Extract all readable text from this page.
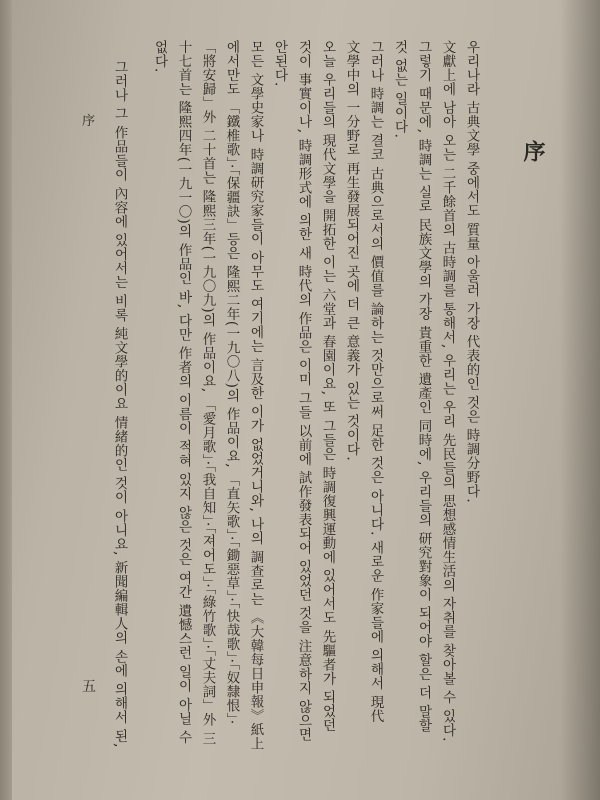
序
序
五
우리나라 古典文學 중에서도 質量 아울러 가장 代表的인 것은 時調分野다.
文獻上에 남아 오는 二千餘首의 古時調를 통해서, 우리는 우리 先民들의 思想感情生活의 자취를 찾아볼 수 있다.
그렇기 때문에, 時調는 실로 民族文學의 가장 貴重한 遺產인 同時에, 우리들의 研究對象이 되어야 할은 더 말할
것 없는 일이다.
그러나 時調는 결코 古典으로서의 價值를 論하는 것만으로써 足한 것은 아니다. 새로운 作家들에 의해서 現代
文學中의 一分野로 再生發展되어진 곳에 더 큰 意義가 있는 것이다.
오늘 우리들의 現代文學을 開拓한 이는 六堂과 春園이요, 또 그들은 時調復興運動에 있어서도 先驅者가 되었던
것이 事實이나, 時調形式에 의한 새 時代의 作品은 이미 그들 以前에 試作發表되어 있었던 것을 注意하지 않으면
안된다.
모든 文學史家나 時調研究家들이 아무도 여기에는 言及한 이가 없었거니와, 나의 調查로는 《大韓每日申報》紙上
에서만도 「鐵椎歌」·「保疆訣」등은 隆熙二年(一九〇八)의 作品이요, 「直矢歌」·「鋤惡草」·「快哉歌」·「奴隸恨」·
「將安歸」外 二十首는 隆熙三年(一九〇九)의 作品이요, 「愛月歌」·「我自知」·「져어도」·「綠竹歌」·「丈夫詞」外 三
十七首는 隆熙四年(一九一〇)의 作品인 바, 다만 作者의 이름이 적혀 있지 않은 것은 여간 遺憾스런 일이 아닐 수
없다.
그러나 그 作品들이 內容에 있어서는 비록 純文學的이요 情緒的인 것이 아니요, 新聞編輯人의 손에 의해서 된,
